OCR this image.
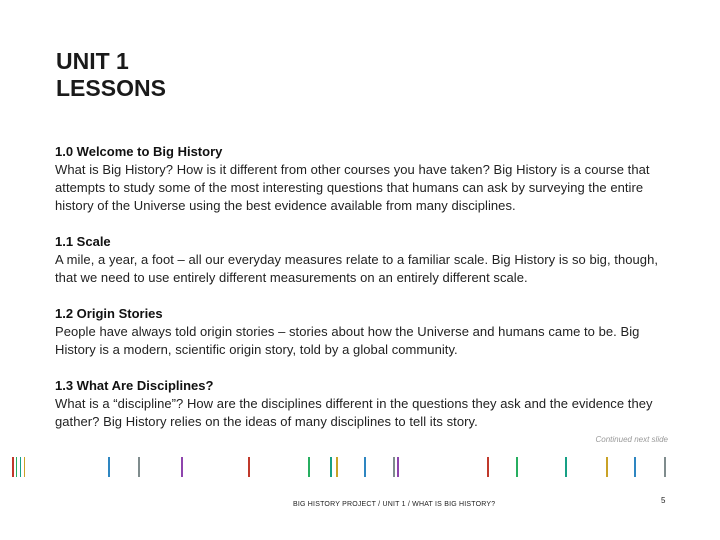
UNIT 1
LESSONS
1.0 Welcome to Big History
What is Big History? How is it different from other courses you have taken? Big History is a course that attempts to study some of the most interesting questions that humans can ask by surveying the entire history of the Universe using the best evidence available from many disciplines.
1.1 Scale
A mile, a year, a foot – all our everyday measures relate to a familiar scale. Big History is so big, though, that we need to use entirely different measurements on an entirely different scale.
1.2 Origin Stories
People have always told origin stories – stories about how the Universe and humans came to be. Big History is a modern, scientific origin story, told by a global community.
1.3 What Are Disciplines?
What is a “discipline”? How are the disciplines different in the questions they ask and the evidence they gather? Big History relies on the ideas of many disciplines to tell its story.
Continued next slide
BIG HISTORY PROJECT / UNIT 1 / WHAT IS BIG HISTORY?	5
